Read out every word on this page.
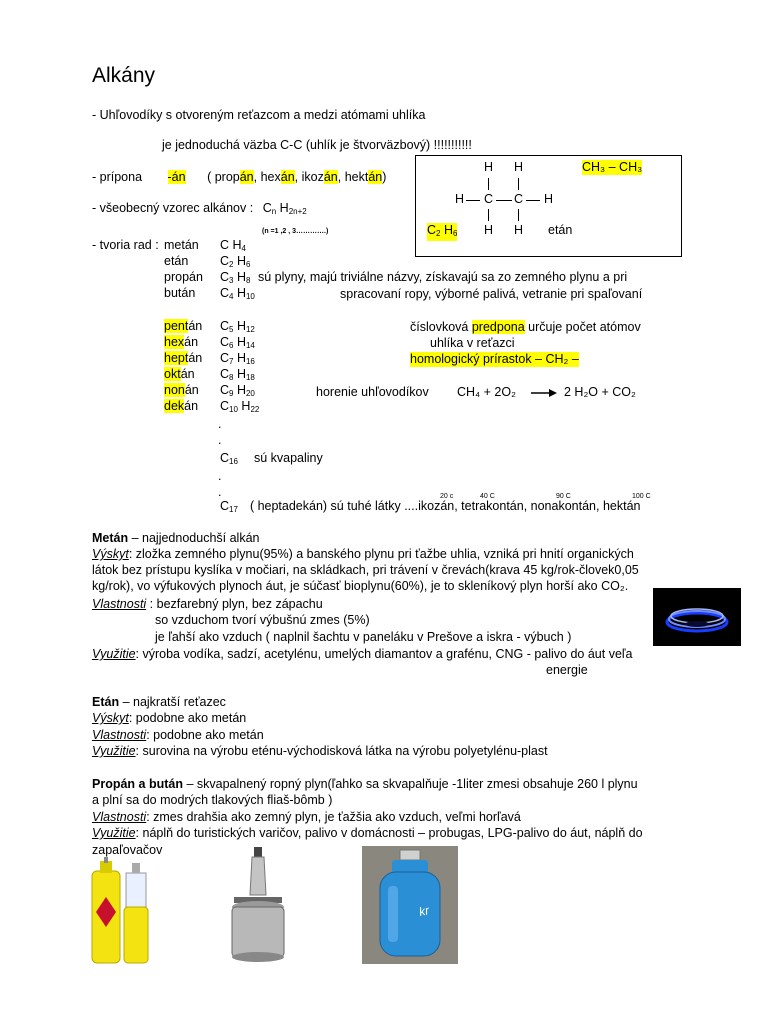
Alkány
- Uhľovodíky s otvoreným reťazcom a medzi atómami uhlíka
je jednoduchá väzba C-C (uhlík je štvorväzbový) !!!!!!!!!!!
- prípona -án ( propán, hexán, ikozán, hektán)
- všeobecný vzorec alkánov : Cn H2n+2
(n =1 ,2 , 3………….)
H H	CH₃ – CH₃
H C C H
C2 H6 H H etán
- tvoria rad : metán C H4
etán	C2 H6
propán C3 H8
bután C4 H10
pentán C5 H12
hexán C6 H14
heptán C7 H16
oktán C8 H18
nonán C9 H20
dekán C10 H22
sú plyny, majú triviálne názvy, získavajú sa zo zemného plynu a pri
spracovaní ropy, výborné palivá, vetranie pri spaľovaní
číslovková predpona určuje počet atómov
uhlíka v reťazci
homologický prírastok – CH₂ –
horenie uhľovodíkov CH₄ + 2O₂ → 2 H₂O + CO₂
.
.
C16 sú kvapaliny
.
.	20 c	40 C	90 C	100 C
C17 ( heptadekán) sú tuhé látky ....ikozán, tetrakontán, nonakontán, hektán
Metán – najjednoduchší alkán
Výskyt: zložka zemného plynu(95%) a banského plynu pri ťažbe uhlia, vzniká pri hnití organických
látok bez prístupu kyslíka v močiari, na skládkach, pri trávení v črevách(krava 45 kg/rok-človek0,05
kg/rok), vo výfukových plynoch áut, je súčasť bioplynu(60%), je to skleníkový plyn horší ako CO₂.
Vlastnosti : bezfarebný plyn, bez zápachu
so vzduchom tvorí výbušnú zmes (5%)
je ľahší ako vzduch ( naplnil šachtu v paneláku v Prešove a iskra - výbuch )
Využitie: výroba vodíka, sadzí, acetylénu, umelých diamantov a grafénu, CNG - palivo do áut veľa
energie
Etán – najkratší reťazec
Výskyt: podobne ako metán
Vlastnosti: podobne ako metán
Využitie: surovina na výrobu eténu-východisková látka na výrobu polyetylénu-plast
Propán a bután – skvapalnený ropný plyn(ľahko sa skvapalňuje -1liter zmesi obsahuje 260 l plynu
a plní sa do modrých tlakových fliaš-bômb )
Vlastnosti: zmes drahšia ako zemný plyn, je ťažšia ako vzduch, veľmi horľavá
Využitie: náplň do turistických varičov, palivo v domácnosti – probugas, LPG-palivo do áut, náplň do
zapaľovačov
kr
